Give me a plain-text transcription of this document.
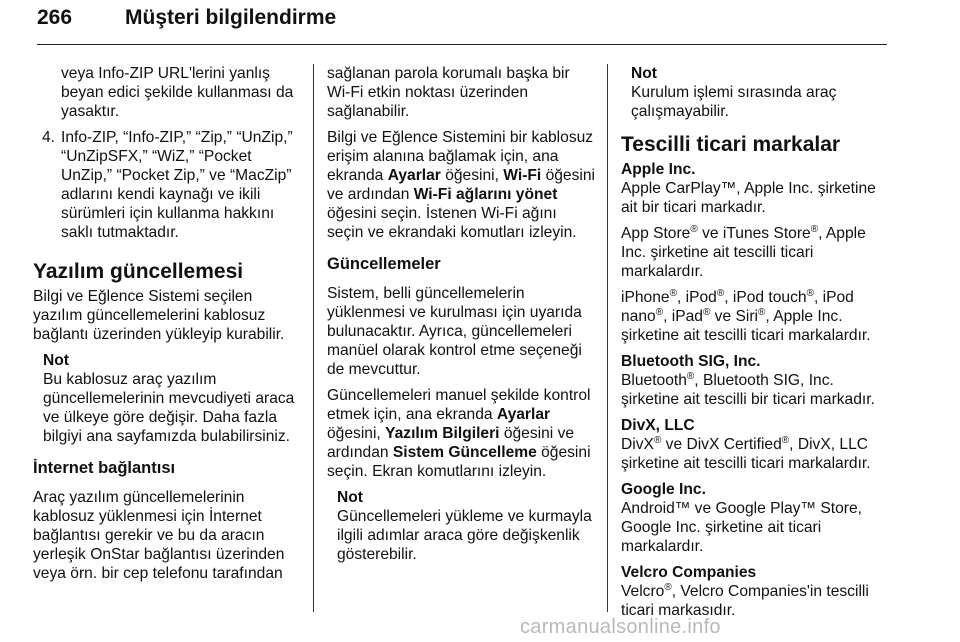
266	Müşteri bilgilendirme

veya Info-ZIP URL'lerini yanlış beyan edici şekilde kullanması da yasaktır.

4. Info-ZIP, “Info-ZIP,” “Zip,” “UnZip,” “UnZipSFX,” “WiZ,” “Pocket UnZip,” “Pocket Zip,” ve “MacZip” adlarını kendi kaynağı ve ikili sürümleri için kullanma hakkını saklı tutmaktadır.
Yazılım güncellemesi

Bilgi ve Eğlence Sistemi seçilen yazılım güncellemelerini kablosuz bağlantı üzerinden yükleyip kurabilir.

Not
Bu kablosuz araç yazılım güncellemelerinin mevcudiyeti araca ve ülkeye göre değişir. Daha fazla bilgiyi ana sayfamızda bulabilirsiniz.
İnternet bağlantısı

Araç yazılım güncellemelerinin kablosuz yüklenmesi için İnternet bağlantısı gerekir ve bu da aracın yerleşik OnStar bağlantısı üzerinden veya örn. bir cep telefonu tarafından

sağlanan parola korumalı başka bir Wi-Fi etkin noktası üzerinden sağlanabilir.

Bilgi ve Eğlence Sistemini bir kablosuz erişim alanına bağlamak için, ana ekranda Ayarlar öğesini, Wi-Fi öğesini ve ardından Wi-Fi ağlarını yönet öğesini seçin. İstenen Wi-Fi ağını seçin ve ekrandaki komutları izleyin.

Güncellemeler

Sistem, belli güncellemelerin yüklenmesi ve kurulması için uyarıda bulunacaktır. Ayrıca, güncellemeleri manüel olarak kontrol etme seçeneği de mevcuttur.

Güncellemeleri manuel şekilde kontrol etmek için, ana ekranda Ayarlar öğesini, Yazılım Bilgileri öğesini ve ardından Sistem Güncelleme öğesini seçin. Ekran komutlarını izleyin.

Not
Güncellemeleri yükleme ve kurmayla ilgili adımlar araca göre değişkenlik gösterebilir.
Not
Kurulum işlemi sırasında araç çalışmayabilir.
Tescilli ticari markalar
Apple Inc.

Apple CarPlay™, Apple Inc. şirketine ait bir ticari markadır.

App Store® ve iTunes Store®, Apple Inc. şirketine ait tescilli ticari markalardır.

iPhone®, iPod®, iPod touch®, iPod nano®, iPad® ve Siri®, Apple Inc. şirketine ait tescilli ticari markalardır.

Bluetooth SIG, Inc.

Bluetooth®, Bluetooth SIG, Inc. şirketine ait tescilli bir ticari markadır.

DivX, LLC

DivX® ve DivX Certified®, DivX, LLC şirketine ait tescilli ticari markalardır.

Google Inc.

Android™ ve Google Play™ Store, Google Inc. şirketine ait ticari markalardır.

Velcro Companies

Velcro®, Velcro Companies'in tescilli ticari markasıdır.

carmanualsonline.info
